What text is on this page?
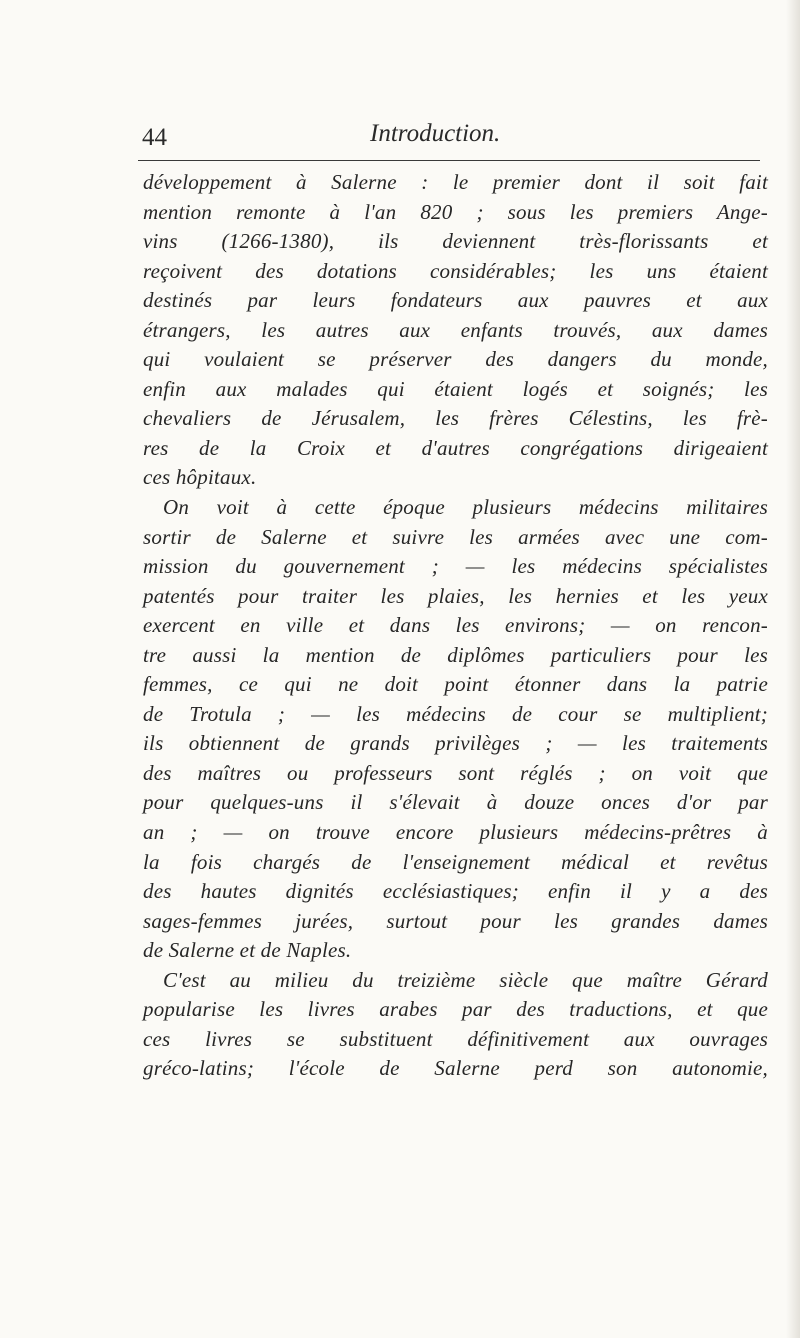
44	Introduction.
développement à Salerne : le premier dont il soit fait
mention remonte à l'an 820 ; sous les premiers Ange-
vins (1266-1380), ils deviennent très-florissants et
reçoivent des dotations considérables; les uns étaient
destinés par leurs fondateurs aux pauvres et aux
étrangers, les autres aux enfants trouvés, aux dames
qui voulaient se préserver des dangers du monde,
enfin aux malades qui étaient logés et soignés; les
chevaliers de Jérusalem, les frères Célestins, les frè-
res de la Croix et d'autres congrégations dirigeaient
ces hôpitaux.
On voit à cette époque plusieurs médecins militaires
sortir de Salerne et suivre les armées avec une com-
mission du gouvernement ; — les médecins spécialistes
patentés pour traiter les plaies, les hernies et les yeux
exercent en ville et dans les environs; — on rencon-
tre aussi la mention de diplômes particuliers pour les
femmes, ce qui ne doit point étonner dans la patrie
de Trotula ; — les médecins de cour se multiplient;
ils obtiennent de grands privilèges ; — les traitements
des maîtres ou professeurs sont réglés ; on voit que
pour quelques-uns il s'élevait à douze onces d'or par
an ; — on trouve encore plusieurs médecins-prêtres à
la fois chargés de l'enseignement médical et revêtus
des hautes dignités ecclésiastiques; enfin il y a des
sages-femmes jurées, surtout pour les grandes dames
de Salerne et de Naples.
C'est au milieu du treizième siècle que maître Gérard
popularise les livres arabes par des traductions, et que
ces livres se substituent définitivement aux ouvrages
gréco-latins; l'école de Salerne perd son autonomie,
